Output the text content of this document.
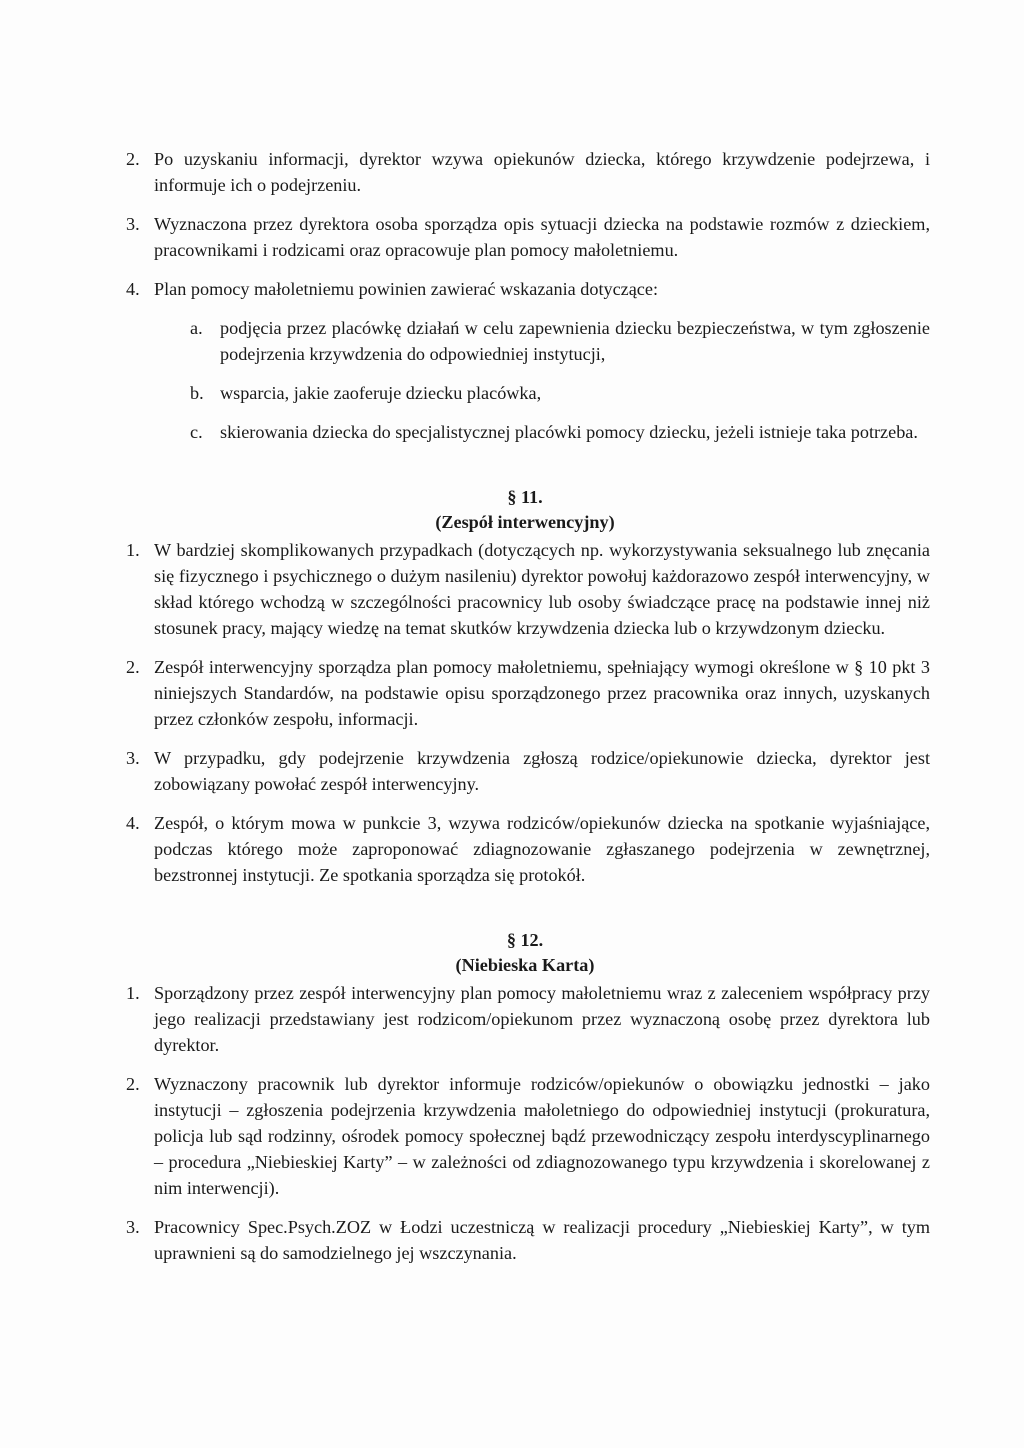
2. Po uzyskaniu informacji, dyrektor wzywa opiekunów dziecka, którego krzywdzenie podejrzewa, i informuje ich o podejrzeniu.
3. Wyznaczona przez dyrektora osoba sporządza opis sytuacji dziecka na podstawie rozmów z dzieckiem, pracownikami i rodzicami oraz opracowuje plan pomocy małoletniemu.
4. Plan pomocy małoletniemu powinien zawierać wskazania dotyczące:
a. podjęcia przez placówkę działań w celu zapewnienia dziecku bezpieczeństwa, w tym zgłoszenie podejrzenia krzywdzenia do odpowiedniej instytucji,
b. wsparcia, jakie zaoferuje dziecku placówka,
c. skierowania dziecka do specjalistycznej placówki pomocy dziecku, jeżeli istnieje taka potrzeba.
§ 11.
(Zespół interwencyjny)
1. W bardziej skomplikowanych przypadkach (dotyczących np. wykorzystywania seksualnego lub znęcania się fizycznego i psychicznego o dużym nasileniu) dyrektor powołuj każdorazowo zespół interwencyjny, w skład którego wchodzą w szczególności pracownicy lub osoby świadczące pracę na podstawie innej niż stosunek pracy, mający wiedzę na temat skutków krzywdzenia dziecka lub o krzywdzonym dziecku.
2. Zespół interwencyjny sporządza plan pomocy małoletniemu, spełniający wymogi określone w § 10 pkt 3 niniejszych Standardów, na podstawie opisu sporządzonego przez pracownika oraz innych, uzyskanych przez członków zespołu, informacji.
3. W przypadku, gdy podejrzenie krzywdzenia zgłoszą rodzice/opiekunowie dziecka, dyrektor jest zobowiązany powołać zespół interwencyjny.
4. Zespół, o którym mowa w punkcie 3, wzywa rodziców/opiekunów dziecka na spotkanie wyjaśniające, podczas którego może zaproponować zdiagnozowanie zgłaszanego podejrzenia w zewnętrznej, bezstronnej instytucji. Ze spotkania sporządza się protokół.
§ 12.
(Niebieska Karta)
1. Sporządzony przez zespół interwencyjny plan pomocy małoletniemu wraz z zaleceniem współpracy przy jego realizacji przedstawiany jest rodzicom/opiekunom przez wyznaczoną osobę przez dyrektora lub dyrektor.
2. Wyznaczony pracownik lub dyrektor informuje rodziców/opiekunów o obowiązku jednostki – jako instytucji – zgłoszenia podejrzenia krzywdzenia małoletniego do odpowiedniej instytucji (prokuratura, policja lub sąd rodzinny, ośrodek pomocy społecznej bądź przewodniczący zespołu interdyscyplinarnego – procedura „Niebieskiej Karty” – w zależności od zdiagnozowanego typu krzywdzenia i skorelowanej z nim interwencji).
3. Pracownicy Spec.Psych.ZOZ w Łodzi uczestniczą w realizacji procedury „Niebieskiej Karty”, w tym uprawnieni są do samodzielnego jej wszczynania.
